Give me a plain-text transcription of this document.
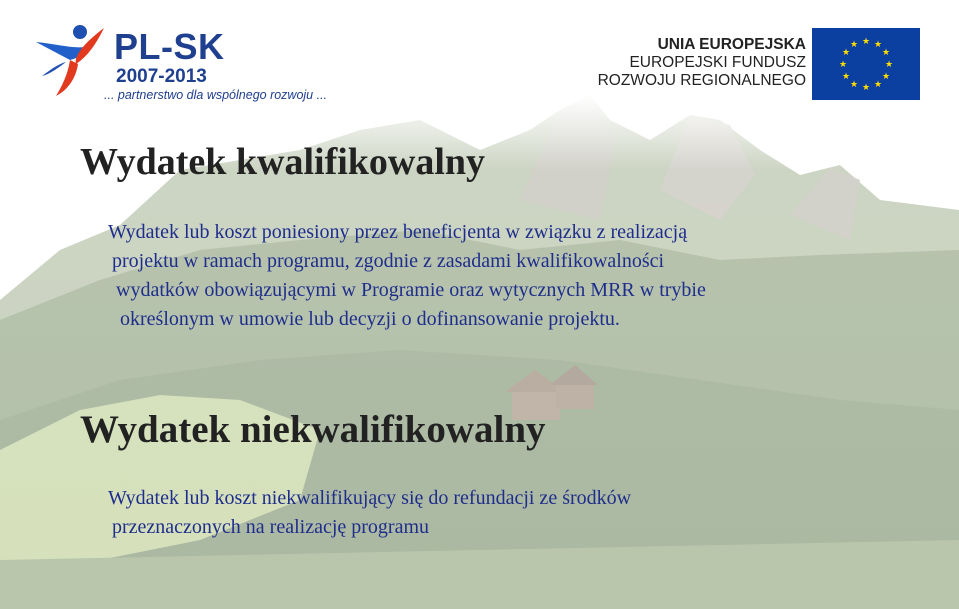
PL-SK
2007-2013
... partnerstwo dla wspólnego rozwoju ...
UNIA EUROPEJSKA
EUROPEJSKI FUNDUSZ
ROZWOJU REGIONALNEGO
★ ★
★
★
★
★
★
★
★
★
★
★
Wydatek kwalifikowalny
Wydatek lub koszt poniesiony przez beneficjenta w związku z realizacją
projektu w ramach programu, zgodnie z zasadami kwalifikowalności
wydatków obowiązującymi w Programie oraz wytycznych MRR w trybie
określonym w umowie lub decyzji o dofinansowanie projektu.
Wydatek niekwalifikowalny
Wydatek lub koszt niekwalifikujący się do refundacji ze środków
przeznaczonych na realizację programu
